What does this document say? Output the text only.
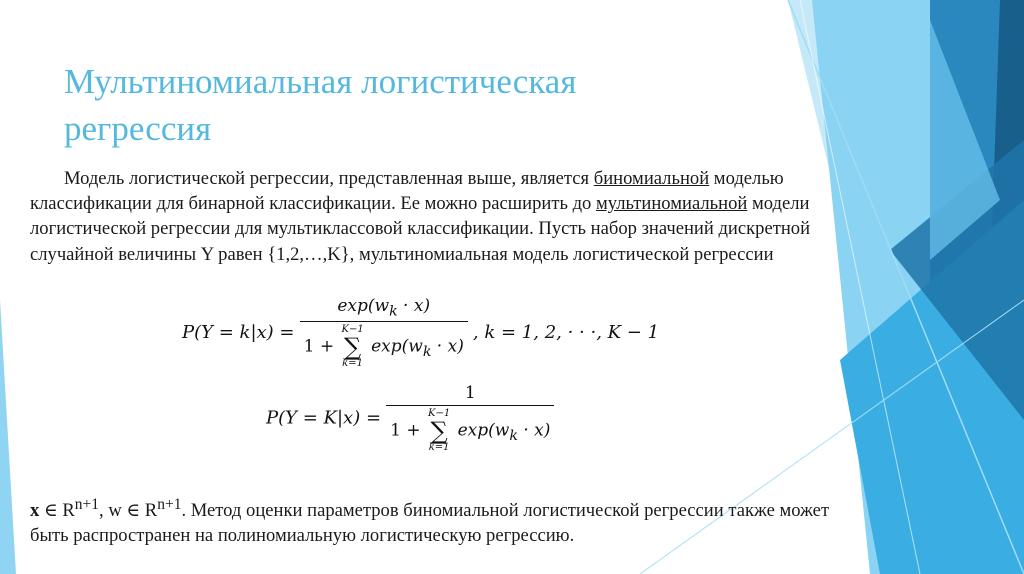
Мультиномиальная логистическая регрессия

Модель логистической регрессии, представленная выше, является биномиальной моделью классификации для бинарной классификации. Ее можно расширить до мультиномиальной модели логистической регрессии для мультиклассовой классификации. Пусть набор значений дискретной случайной величины Y равен {1,2,…,K}, мультиномиальная модель логистической регрессии

$P(Y = k|x) = \exp(w_k \cdot x)$
1 +
K−1
∑
k=1
$\exp(w_k \cdot x)$ , k = 1, 2, · · ·, K − 1
P(Y = K|x) = 1
1 +
K−1
∑
k=1
$\exp(w_k \cdot x)$

x ∈ $R^{n+1}$, w ∈ $R^{n+1}$. Метод оценки параметров биномиальной логистической регрессии также может быть распространен на полиномиальную логистическую регрессию.
